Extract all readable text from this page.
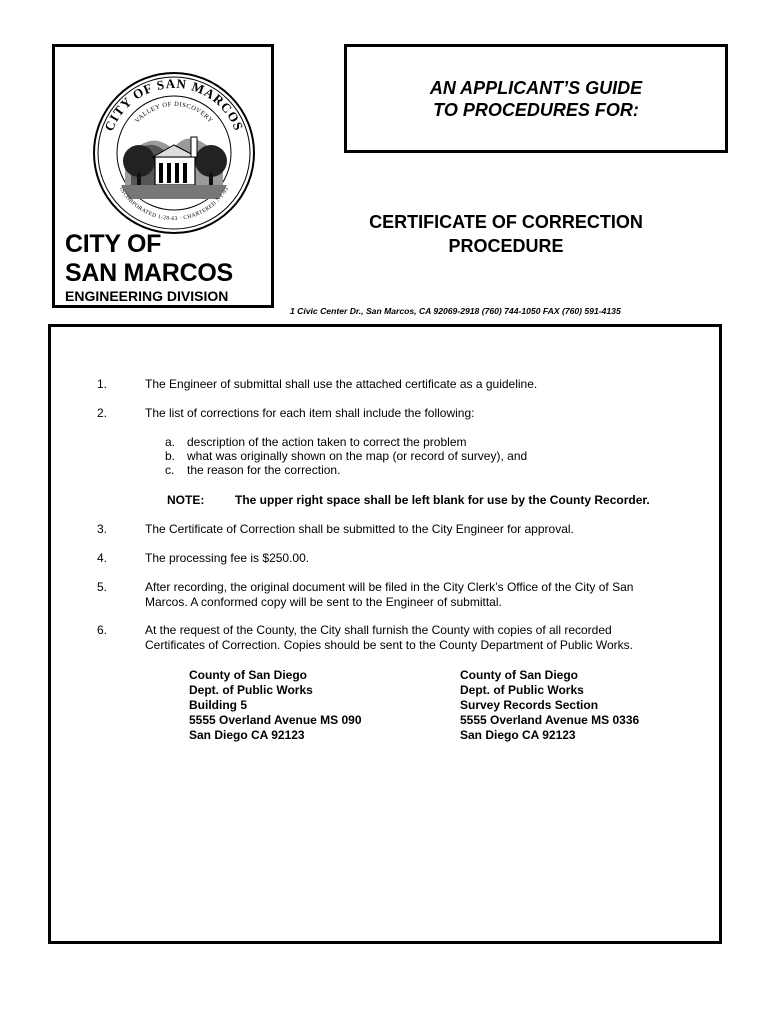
CITY OF SAN MARCOS
VALLEY OF DISCOVERY
INCORPORATED 1-28-63 · CHARTERED 7-1-93
CITY OF
SAN MARCOS
ENGINEERING DIVISION
AN APPLICANT’S GUIDE
TO PROCEDURES FOR:
CERTIFICATE OF CORRECTION
PROCEDURE
1 Civic Center Dr., San Marcos, CA 92069-2918 (760) 744-1050 FAX (760) 591-4135
1.	The Engineer of submittal shall use the attached certificate as a guideline.
2.	The list of corrections for each item shall include the following:
a. description of the action taken to correct the problem
b. what was originally shown on the map (or record of survey), and
c. the reason for the correction.
NOTE:	The upper right space shall be left blank for use by the County Recorder.
3.	The Certificate of Correction shall be submitted to the City Engineer for approval.
4.	The processing fee is $250.00.
5.	After recording, the original document will be filed in the City Clerk’s Office of the City of San Marcos. A conformed copy will be sent to the Engineer of submittal.
6.	At the request of the County, the City shall furnish the County with copies of all recorded Certificates of Correction. Copies should be sent to the County Department of Public Works.
County of San Diego
Dept. of Public Works
Building 5
5555 Overland Avenue MS 090
San Diego CA 92123
County of San Diego
Dept. of Public Works
Survey Records Section
5555 Overland Avenue MS 0336
San Diego CA 92123
